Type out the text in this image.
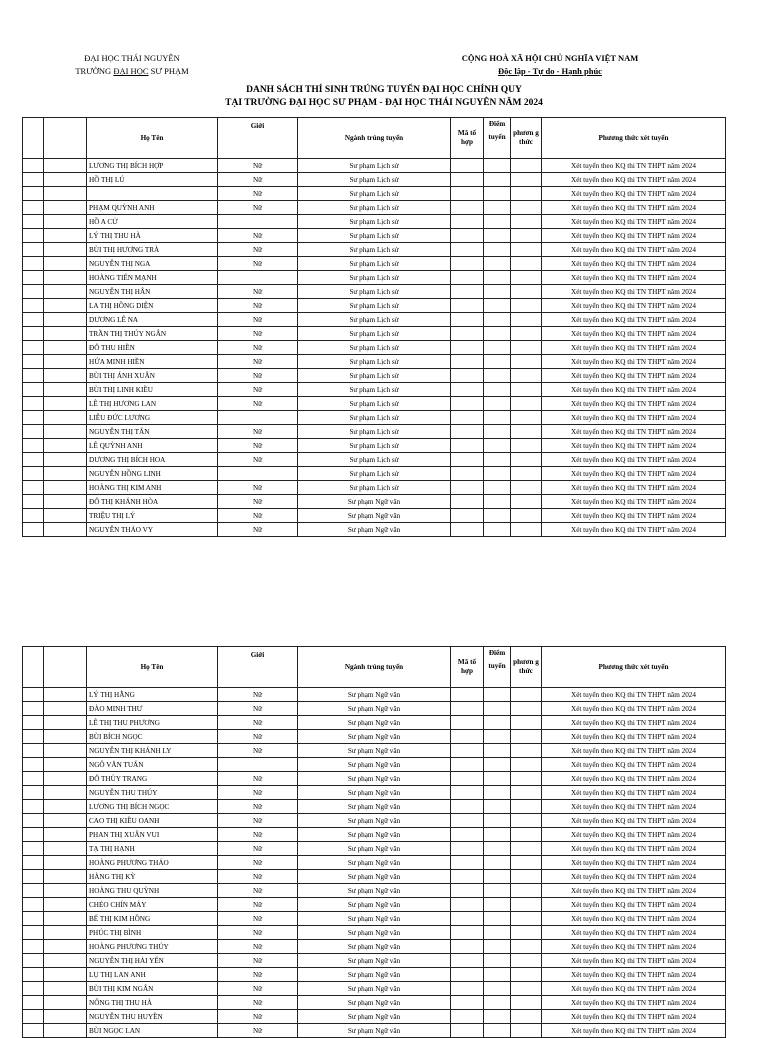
ĐẠI HỌC THÁI NGUYÊN
TRƯỜNG ĐẠI HỌC SƯ PHẠM
CỘNG HOÀ XÃ HỘI CHỦ NGHĨA VIỆT NAM
Độc lập - Tự do - Hạnh phúc
DANH SÁCH THÍ SINH TRÚNG TUYỂN ĐẠI HỌC CHÍNH QUY
TẠI TRƯỜNG ĐẠI HỌC SƯ PHẠM - ĐẠI HỌC THÁI NGUYÊN NĂM 2024
		Họ Tên	Giới	Ngành trúng tuyển	Mã tổ hợp	Điểm
tuyển	phươn g thức	Phương thức xét tuyển
		LƯƠNG THỊ BÍCH HỢP	Nữ	Sư phạm Lịch sử				Xét tuyển theo KQ thi TN THPT năm 2024
		HỒ THỊ LÚ	Nữ	Sư phạm Lịch sử				Xét tuyển theo KQ thi TN THPT năm 2024
			Nữ	Sư phạm Lịch sử				Xét tuyển theo KQ thi TN THPT năm 2024
		PHẠM QUỲNH ANH	Nữ	Sư phạm Lịch sử				Xét tuyển theo KQ thi TN THPT năm 2024
		HỒ A CỬ		Sư phạm Lịch sử				Xét tuyển theo KQ thi TN THPT năm 2024
		LÝ THỊ THU HÀ	Nữ	Sư phạm Lịch sử				Xét tuyển theo KQ thi TN THPT năm 2024
		BÙI THỊ HƯƠNG TRÀ	Nữ	Sư phạm Lịch sử				Xét tuyển theo KQ thi TN THPT năm 2024
		NGUYỄN THỊ NGA	Nữ	Sư phạm Lịch sử				Xét tuyển theo KQ thi TN THPT năm 2024
		HOÀNG TIẾN MẠNH		Sư phạm Lịch sử				Xét tuyển theo KQ thi TN THPT năm 2024
		NGUYỄN THỊ HÂN	Nữ	Sư phạm Lịch sử				Xét tuyển theo KQ thi TN THPT năm 2024
		LA THỊ HỒNG DIỆN	Nữ	Sư phạm Lịch sử				Xét tuyển theo KQ thi TN THPT năm 2024
		DƯƠNG LÊ NA	Nữ	Sư phạm Lịch sử				Xét tuyển theo KQ thi TN THPT năm 2024
		TRẦN THỊ THÚY NGÂN	Nữ	Sư phạm Lịch sử				Xét tuyển theo KQ thi TN THPT năm 2024
		ĐỖ THU HIỀN	Nữ	Sư phạm Lịch sử				Xét tuyển theo KQ thi TN THPT năm 2024
		HỨA MINH HIỀN	Nữ	Sư phạm Lịch sử				Xét tuyển theo KQ thi TN THPT năm 2024
		BÙI THỊ ÁNH XUÂN	Nữ	Sư phạm Lịch sử				Xét tuyển theo KQ thi TN THPT năm 2024
		BÙI THỊ LINH KIỀU	Nữ	Sư phạm Lịch sử				Xét tuyển theo KQ thi TN THPT năm 2024
		LÊ THỊ HƯƠNG LAN	Nữ	Sư phạm Lịch sử				Xét tuyển theo KQ thi TN THPT năm 2024
		LIỄU ĐỨC LƯƠNG		Sư phạm Lịch sử				Xét tuyển theo KQ thi TN THPT năm 2024
		NGUYỄN THỊ TẤN	Nữ	Sư phạm Lịch sử				Xét tuyển theo KQ thi TN THPT năm 2024
		LÊ QUỲNH ANH	Nữ	Sư phạm Lịch sử				Xét tuyển theo KQ thi TN THPT năm 2024
		DƯƠNG THỊ BÍCH HOA	Nữ	Sư phạm Lịch sử				Xét tuyển theo KQ thi TN THPT năm 2024
		NGUYỄN HỒNG LINH		Sư phạm Lịch sử				Xét tuyển theo KQ thi TN THPT năm 2024
		HOÀNG THỊ KIM ANH	Nữ	Sư phạm Lịch sử				Xét tuyển theo KQ thi TN THPT năm 2024
		ĐỖ THỊ KHÁNH HÒA	Nữ	Sư phạm Ngữ văn				Xét tuyển theo KQ thi TN THPT năm 2024
		TRIỆU THỊ LÝ	Nữ	Sư phạm Ngữ văn				Xét tuyển theo KQ thi TN THPT năm 2024
		NGUYỄN THẢO VY	Nữ	Sư phạm Ngữ văn				Xét tuyển theo KQ thi TN THPT năm 2024
		Họ Tên	Giới	Ngành trúng tuyển	Mã tổ hợp	Điểm
tuyển	phươn g thức	Phương thức xét tuyển
		LÝ THỊ HẰNG	Nữ	Sư phạm Ngữ văn				Xét tuyển theo KQ thi TN THPT năm 2024
		ĐÀO MINH THƯ	Nữ	Sư phạm Ngữ văn				Xét tuyển theo KQ thi TN THPT năm 2024
		LÊ THỊ THU PHƯƠNG	Nữ	Sư phạm Ngữ văn				Xét tuyển theo KQ thi TN THPT năm 2024
		BÙI BÍCH NGỌC	Nữ	Sư phạm Ngữ văn				Xét tuyển theo KQ thi TN THPT năm 2024
		NGUYỄN THỊ KHÁNH LY	Nữ	Sư phạm Ngữ văn				Xét tuyển theo KQ thi TN THPT năm 2024
		NGÔ VĂN TUẤN		Sư phạm Ngữ văn				Xét tuyển theo KQ thi TN THPT năm 2024
		ĐỖ THÙY TRANG	Nữ	Sư phạm Ngữ văn				Xét tuyển theo KQ thi TN THPT năm 2024
		NGUYỄN THU THÚY	Nữ	Sư phạm Ngữ văn				Xét tuyển theo KQ thi TN THPT năm 2024
		LƯƠNG THỊ BÍCH NGỌC	Nữ	Sư phạm Ngữ văn				Xét tuyển theo KQ thi TN THPT năm 2024
		CAO THỊ KIỀU OANH	Nữ	Sư phạm Ngữ văn				Xét tuyển theo KQ thi TN THPT năm 2024
		PHAN THỊ XUÂN VUI	Nữ	Sư phạm Ngữ văn				Xét tuyển theo KQ thi TN THPT năm 2024
		TẠ THỊ HẠNH	Nữ	Sư phạm Ngữ văn				Xét tuyển theo KQ thi TN THPT năm 2024
		HOÀNG PHƯƠNG THẢO	Nữ	Sư phạm Ngữ văn				Xét tuyển theo KQ thi TN THPT năm 2024
		HÀNG THỊ KỲ	Nữ	Sư phạm Ngữ văn				Xét tuyển theo KQ thi TN THPT năm 2024
		HOÀNG THU QUỲNH	Nữ	Sư phạm Ngữ văn				Xét tuyển theo KQ thi TN THPT năm 2024
		CHẺO CHÍN MẢY	Nữ	Sư phạm Ngữ văn				Xét tuyển theo KQ thi TN THPT năm 2024
		BẾ THỊ KIM HỒNG	Nữ	Sư phạm Ngữ văn				Xét tuyển theo KQ thi TN THPT năm 2024
		PHÚC THỊ BÌNH	Nữ	Sư phạm Ngữ văn				Xét tuyển theo KQ thi TN THPT năm 2024
		HOÀNG PHƯƠNG THÚY	Nữ	Sư phạm Ngữ văn				Xét tuyển theo KQ thi TN THPT năm 2024
		NGUYỄN THỊ HẢI YẾN	Nữ	Sư phạm Ngữ văn				Xét tuyển theo KQ thi TN THPT năm 2024
		LỤ THỊ LAN ANH	Nữ	Sư phạm Ngữ văn				Xét tuyển theo KQ thi TN THPT năm 2024
		BÙI THỊ KIM NGÂN	Nữ	Sư phạm Ngữ văn				Xét tuyển theo KQ thi TN THPT năm 2024
		NÔNG THỊ THU HÀ	Nữ	Sư phạm Ngữ văn				Xét tuyển theo KQ thi TN THPT năm 2024
		NGUYỄN THU HUYỀN	Nữ	Sư phạm Ngữ văn				Xét tuyển theo KQ thi TN THPT năm 2024
		BÙI NGỌC LAN	Nữ	Sư phạm Ngữ văn				Xét tuyển theo KQ thi TN THPT năm 2024
